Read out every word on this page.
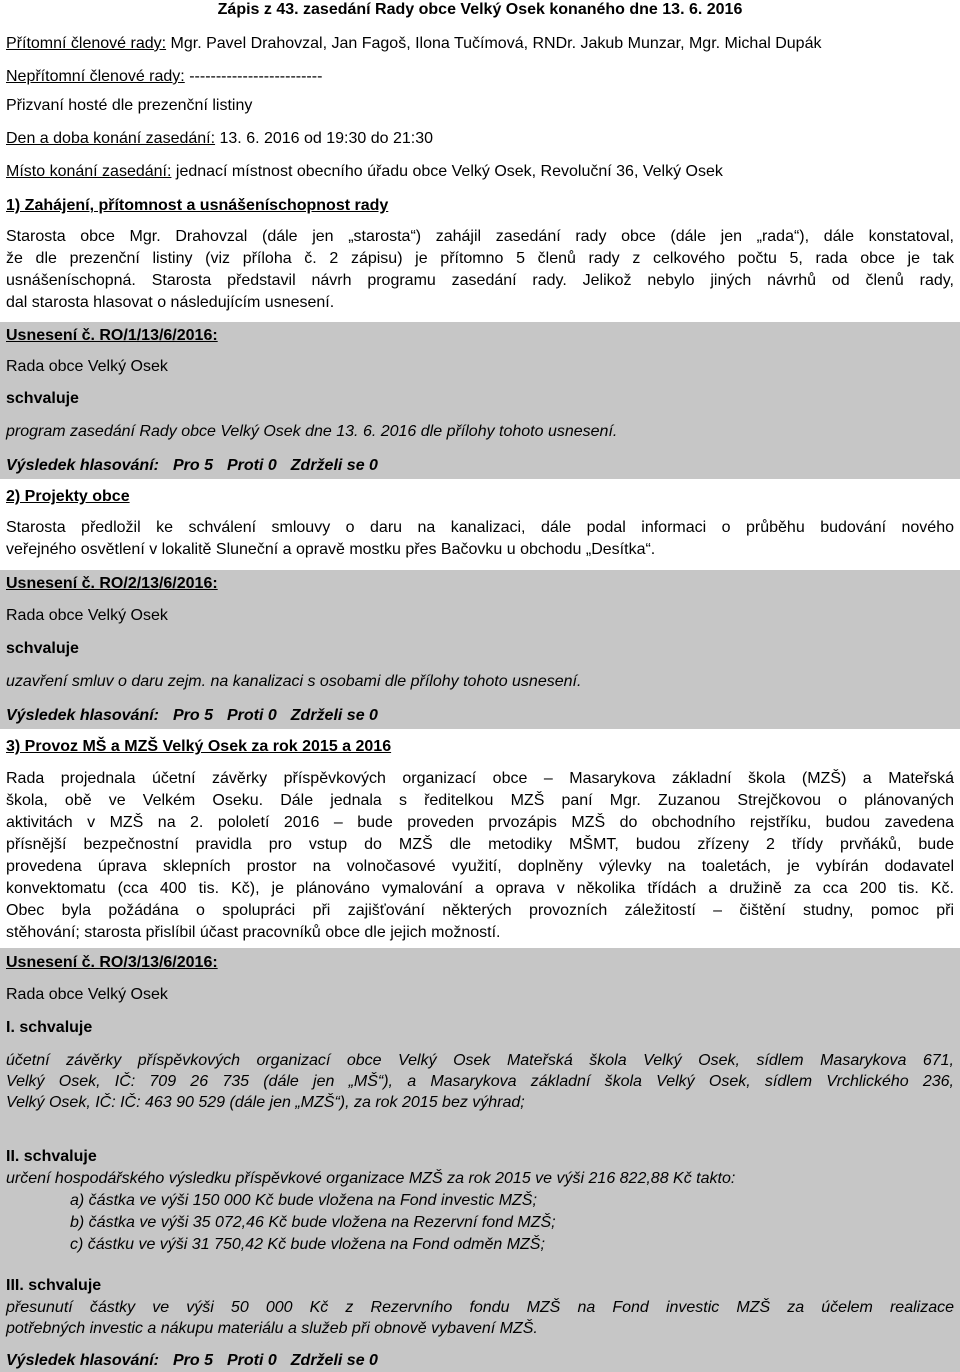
Zápis z 43. zasedání Rady obce Velký Osek konaného dne 13. 6. 2016
Přítomní členové rady: Mgr. Pavel Drahovzal, Jan Fagoš, Ilona Tučímová, RNDr. Jakub Munzar, Mgr. Michal Dupák
Nepřítomní členové rady: -------------------------
Přizvaní hosté dle prezenční listiny
Den a doba konání zasedání: 13. 6. 2016 od 19:30 do 21:30
Místo konání zasedání: jednací místnost obecního úřadu obce Velký Osek, Revoluční 36, Velký Osek
1) Zahájení, přítomnost a usnášeníschopnost rady
Starosta obce Mgr. Drahovzal (dále jen „starosta“) zahájil zasedání rady obce (dále jen „rada“), dále konstatoval,
že dle prezenční listiny (viz příloha č. 2 zápisu) je přítomno 5 členů rady z celkového počtu 5, rada obce je tak
usnášeníschopná. Starosta představil návrh programu zasedání rady. Jelikož nebylo jiných návrhů od členů rady,
dal starosta hlasovat o následujícím usnesení.
Usnesení č. RO/1/13/6/2016:
Rada obce Velký Osek
schvaluje
program zasedání Rady obce Velký Osek dne 13. 6. 2016 dle přílohy tohoto usnesení.
Výsledek hlasování: Pro 5 Proti 0 Zdrželi se 0
2) Projekty obce
Starosta předložil ke schválení smlouvy o daru na kanalizaci, dále podal informaci o průběhu budování nového
veřejného osvětlení v lokalitě Sluneční a opravě mostku přes Bačovku u obchodu „Desítka“.
Usnesení č. RO/2/13/6/2016:
Rada obce Velký Osek
schvaluje
uzavření smluv o daru zejm. na kanalizaci s osobami dle přílohy tohoto usnesení.
Výsledek hlasování: Pro 5 Proti 0 Zdrželi se 0
3) Provoz MŠ a MZŠ Velký Osek za rok 2015 a 2016
Rada projednala účetní závěrky příspěvkových organizací obce – Masarykova základní škola (MZŠ) a Mateřská
škola, obě ve Velkém Oseku. Dále jednala s ředitelkou MZŠ paní Mgr. Zuzanou Strejčkovou o plánovaných
aktivitách v MZŠ na 2. pololetí 2016 – bude proveden prvozápis MZŠ do obchodního rejstříku, budou zavedena
přísnější bezpečnostní pravidla pro vstup do MZŠ dle metodiky MŠMT, budou zřízeny 2 třídy prvňáků, bude
provedena úprava sklepních prostor na volnočasové využití, doplněny výlevky na toaletách, je vybírán dodavatel
konvektomatu (cca 400 tis. Kč), je plánováno vymalování a oprava v několika třídách a družině za cca 200 tis. Kč.
Obec byla požádána o spolupráci při zajišťování některých provozních záležitostí – čištění studny, pomoc při
stěhování; starosta přislíbil účast pracovníků obce dle jejich možností.
Usnesení č. RO/3/13/6/2016:
Rada obce Velký Osek
I. schvaluje
účetní závěrky příspěvkových organizací obce Velký Osek Mateřská škola Velký Osek, sídlem Masarykova 671,
Velký Osek, IČ: 709 26 735 (dále jen „MŠ“), a Masarykova základní škola Velký Osek, sídlem Vrchlického 236,
Velký Osek, IČ: IČ: 463 90 529 (dále jen „MZŠ“), za rok 2015 bez výhrad;
II. schvaluje
určení hospodářského výsledku příspěvkové organizace MZŠ za rok 2015 ve výši 216 822,88 Kč takto:
a) částka ve výši 150 000 Kč bude vložena na Fond investic MZŠ;
b) částka ve výši 35 072,46 Kč bude vložena na Rezervní fond MZŠ;
c) částku ve výši 31 750,42 Kč bude vložena na Fond odměn MZŠ;
III. schvaluje
přesunutí částky ve výši 50 000 Kč z Rezervního fondu MZŠ na Fond investic MZŠ za účelem realizace
potřebných investic a nákupu materiálu a služeb při obnově vybavení MZŠ.
Výsledek hlasování: Pro 5 Proti 0 Zdrželi se 0
